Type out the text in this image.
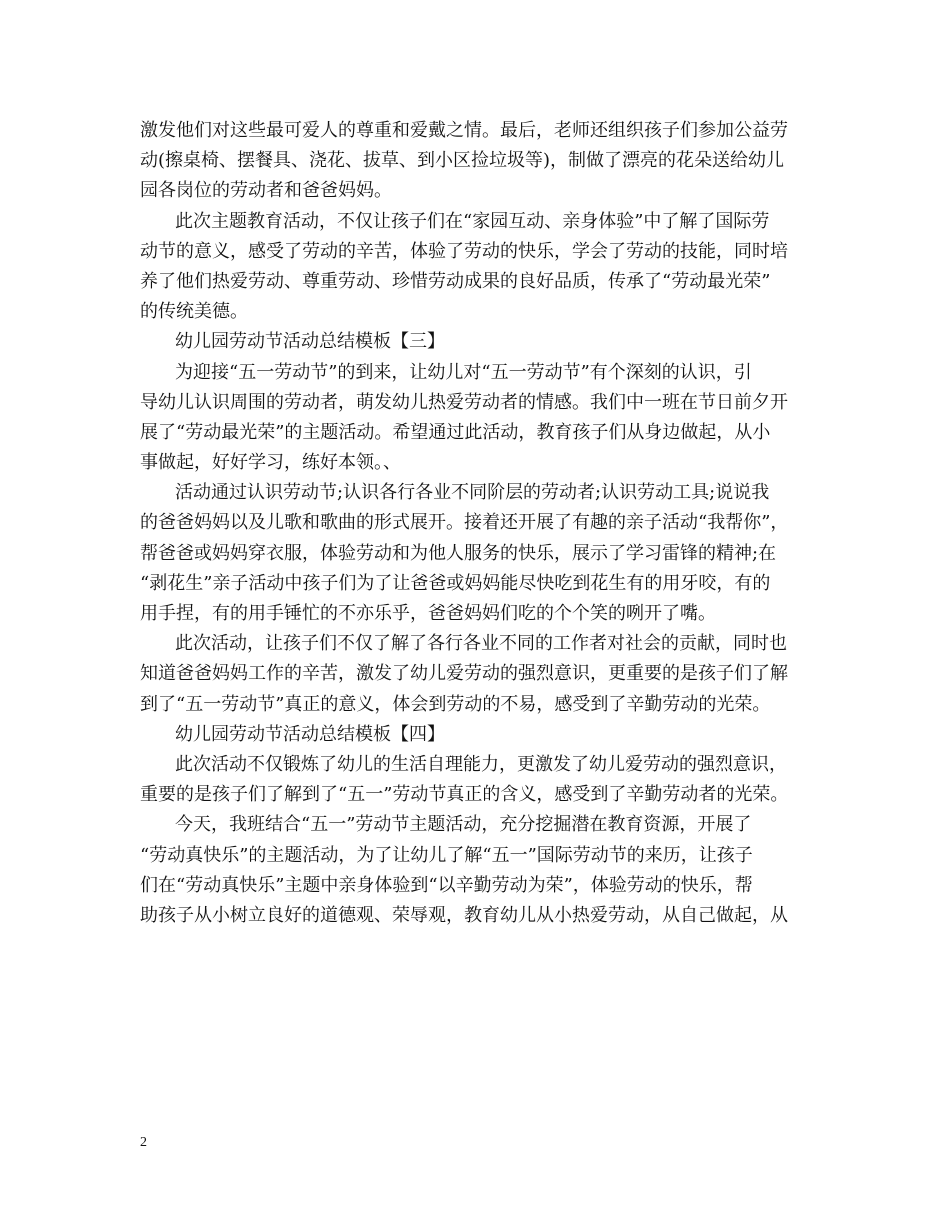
激发他们对这些最可爱人的尊重和爱戴之情。最后，老师还组织孩子们参加公益劳
动(擦桌椅、摆餐具、浇花、拔草、到小区捡垃圾等)，制做了漂亮的花朵送给幼儿
园各岗位的劳动者和爸爸妈妈。
此次主题教育活动，不仅让孩子们在“家园互动、亲身体验”中了解了国际劳
动节的意义，感受了劳动的辛苦，体验了劳动的快乐，学会了劳动的技能，同时培
养了他们热爱劳动、尊重劳动、珍惜劳动成果的良好品质，传承了“劳动最光荣”
的传统美德。
幼儿园劳动节活动总结模板【三】
为迎接“五一劳动节”的到来，让幼儿对“五一劳动节”有个深刻的认识，引
导幼儿认识周围的劳动者，萌发幼儿热爱劳动者的情感。我们中一班在节日前夕开
展了“劳动最光荣”的主题活动。希望通过此活动，教育孩子们从身边做起，从小
事做起，好好学习，练好本领。、
活动通过认识劳动节;认识各行各业不同阶层的劳动者;认识劳动工具;说说我
的爸爸妈妈以及儿歌和歌曲的形式展开。接着还开展了有趣的亲子活动“我帮你”，
帮爸爸或妈妈穿衣服，体验劳动和为他人服务的快乐，展示了学习雷锋的精神;在
“剥花生”亲子活动中孩子们为了让爸爸或妈妈能尽快吃到花生有的用牙咬，有的
用手捏，有的用手锤忙的不亦乐乎，爸爸妈妈们吃的个个笑的咧开了嘴。
此次活动，让孩子们不仅了解了各行各业不同的工作者对社会的贡献，同时也
知道爸爸妈妈工作的辛苦，激发了幼儿爱劳动的强烈意识，更重要的是孩子们了解
到了“五一劳动节”真正的意义，体会到劳动的不易，感受到了辛勤劳动的光荣。
幼儿园劳动节活动总结模板【四】
此次活动不仅锻炼了幼儿的生活自理能力，更激发了幼儿爱劳动的强烈意识，
重要的是孩子们了解到了“五一”劳动节真正的含义，感受到了辛勤劳动者的光荣。
今天，我班结合“五一”劳动节主题活动，充分挖掘潜在教育资源，开展了
“劳动真快乐”的主题活动，为了让幼儿了解“五一”国际劳动节的来历，让孩子
们在“劳动真快乐”主题中亲身体验到“以辛勤劳动为荣”，体验劳动的快乐，帮
助孩子从小树立良好的道德观、荣辱观，教育幼儿从小热爱劳动，从自己做起，从
2
